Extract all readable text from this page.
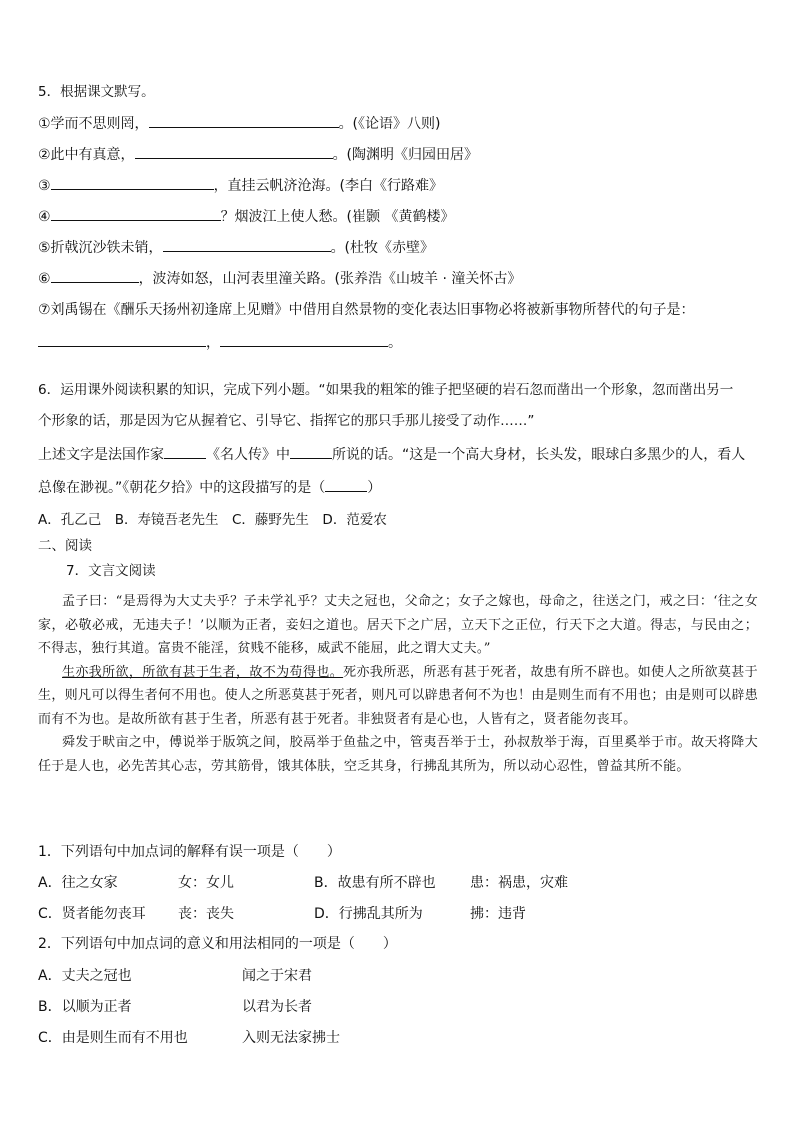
5．根据课文默写。
①学而不思则罔，	。(《论语》八则)
②此中有真意，	。(陶渊明《归园田居》
③	，直挂云帆济沧海。(李白《行路难》
④	？烟波江上使人愁。(崔颢 《黄鹤楼》
⑤折戟沉沙铁未销，	。(杜牧《赤壁》
⑥	，波涛如怒，山河表里潼关路。(张养浩《山坡羊 · 潼关怀古》
⑦刘禹锡在《酬乐天扬州初逢席上见赠》中借用自然景物的变化表达旧事物必将被新事物所替代的句子是：
，	。
6．运用课外阅读积累的知识，完成下列小题。“如果我的粗笨的锥子把坚硬的岩石忽而凿出一个形象，忽而凿出另一
个形象的话，那是因为它从握着它、引导它、指挥它的那只手那儿接受了动作……”
上述文字是法国作家	《名人传》中	所说的话。“这是一个高大身材，长头发，眼球白多黑少的人，看人
总像在渺视。”《朝花夕拾》中的这段描写的是（	）
A．孔乙己　B．寿镜吾老先生　C．藤野先生　D．范爱农
二、阅读
7．文言文阅读

孟子曰：“是焉得为大丈夫乎？子未学礼乎？丈夫之冠也，父命之；女子之嫁也，母命之，往送之门，戒之曰：‘往之女家，必敬必戒，无违夫子！’以顺为正者，妾妇之道也。居天下之广居，立天下之正位，行天下之大道。得志，与民由之；不得志，独行其道。富贵不能淫，贫贱不能移，威武不能屈，此之谓大丈夫。”

生亦我所欲，所欲有甚于生者，故不为苟得也。死亦我所恶，所恶有甚于死者，故患有所不辟也。如使人之所欲莫甚于生，则凡可以得生者何不用也。使人之所恶莫甚于死者，则凡可以辟患者何不为也！由是则生而有不用也；由是则可以辟患而有不为也。是故所欲有甚于生者，所恶有甚于死者。非独贤者有是心也，人皆有之，贤者能勿丧耳。

舜发于畎亩之中，傅说举于版筑之间，胶鬲举于鱼盐之中，管夷吾举于士，孙叔敖举于海，百里奚举于市。故天将降大任于是人也，必先苦其心志，劳其筋骨，饿其体肤，空乏其身，行拂乱其所为，所以动心忍性，曾益其所不能。

1．下列语句中加点词的解释有误一项是（　　）
A．往之女家	女：女儿	B．故患有所不辟也 患：祸患，灾难
C．贤者能勿丧耳 丧：丧失	D．行拂乱其所为	拂：违背
2．下列语句中加点词的意义和用法相同的一项是（　　）
A．丈夫之冠也	闻之于宋君
B．以顺为正者	以君为长者
C．由是则生而有不用也	入则无法家拂士
